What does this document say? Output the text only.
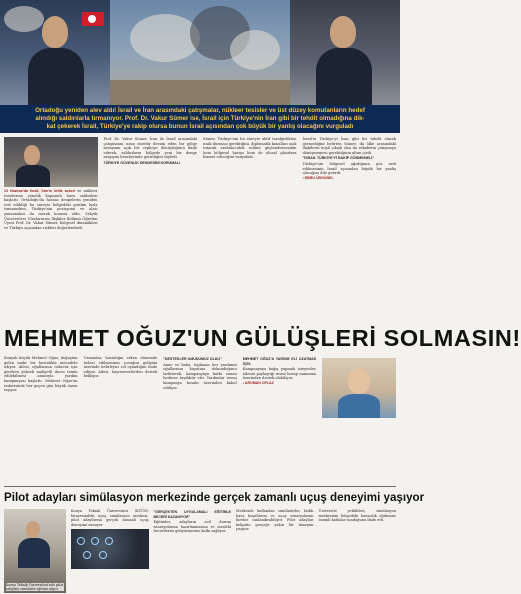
Ortadoğu yeniden alev aldı! İsrail ve İran arasındaki çatışmalar, nükleer tesisler ve üst düzey komutanların hedef

alındığı saldırılarla tırmanıyor. Prof. Dr. Vakur Sümer ise, İsrail için Türkiye'nin İran gibi bir tehdit olmadığına dik-

kat çekerek İsrail, Türkiye'ye rakip olursa bunun İsrail açısından çok büyük bir yanlış olacağını vurguladı

13 Haziran'da İsrail, İran'ın kritik askeri ve nükleer tesislerine yönelik kapsamlı hava saldırıları başlattı. Ortadoğu'da hassas dengelerin yeniden test edildiği bu süreçte bölgedeki gerilim hızla tırmanırken, Türkiye'nin pozisyonu ve olası yansımaları da merak konusu oldu. Selçuk Üniversitesi Uluslararası İlişkiler Bölümü Öğretim Üyesi Prof. Dr. Vakur Sümer, bölgesel dinamikleri ve Türkiye açısından riskleri değerlendirdi.

Prof. Dr. Vakur Sümer, İran ile İsrail arasındaki çatışmanın uzun süredir devam eden bir gölge savaşının açık bir cepheye dönüştüğünü ifade ederek, saldırıların bölgede yeni bir denge arayışını beraberinde getirdiğini söyledi.

TÜRKİYE GÜVENLİK DENGESİNİ KORUMALI

Sümer, Türkiye'nin bu süreçte aktif tarafgirlikten uzak durması gerektiğini, diplomatik kanalları açık tutarak arabuluculuk rolünü güçlendirmesinin hem bölgesel barışa hem de ulusal çıkarlara hizmet edeceğini vurguladı.

İsrail'in Türkiye'yi İran gibi bir tehdit olarak görmediğini belirten Sümer, iki ülke arasındaki ilişkilerin inişli çıkışlı olsa da rekabetin çatışmaya dönüşmemesi gerektiğinin altını çizdi.

"İSRAİL TÜRKİYE'Yİ RAKİP GÖRMEMELİ"

Türkiye'nin bölgesel ağırlığının göz ardı edilmesinin İsrail açısından büyük bir yanlış olacağını dile getirdi.

• EBRU ÜRGÜNEL

MEHMET OĞUZ'UN GÜLÜŞLERİ SOLMASIN!

Konyalı küçük Mehmet Oğuz, doğuştan gelen nadir bir hastalıkla mücadele ediyor. Ailesi, oğullarının tedavisi için gereken yüksek maliyetli ilacın temin edilebilmesi amacıyla yardım kampanyası başlattı. Mehmet Oğuz'un tedavisinde her geçen gün büyük önem taşıyor.

Uzmanlar, hastalığın erken dönemde tedavi edilmesinin çocuğun gelişimi üzerinde belirleyici rol oynadığını ifade ediyor. Ailesi, hayırseverlerden destek bekliyor.

"DESTEKLER UMUDUMUZ OLDU"

Anne ve baba, toplanan her yardımın oğullarının hayatına dokunduğunu belirterek, kampanyaya katkı sunan herkese teşekkür etti. Yardımlar resmi kampanya hesabı üzerinden kabul ediliyor.

MEHMET OĞUZ'A YARDIM ELİ UZATMAK İÇİN:

Kampanyaya bağış yapmak isteyenler, ailenin paylaştığı resmi hesap numarası üzerinden destek olabiliyor.

• ARUMAN OFLAZ

Pilot adayları simülasyon merkezinde gerçek zamanlı uçuş deneyimi yaşıyor
Konya Teknik Üniversitesi'nde pilot adayları simülatör eğitimi alıyor.

Konya Teknik Üniversitesi (KTÜN) bünyesindeki uçuş simülasyon merkezi, pilot adaylarına gerçek zamanlı uçuş deneyimi sunuyor.

"GERÇEKTEN UYGULAMALI EĞİTİMLE BECERİ KAZANIYOR"

Eğitimler, adayların acil durum senaryolarına hazırlanmasına ve mesleki becerilerini geliştirmesine katkı sağlıyor.

Merkezde kullanılan simülatörler, farklı hava koşullarını ve uçuş senaryolarını birebir canlandırabiliyor. Pilot adayları kokpitte gerçeğe yakın bir deneyim yaşıyor.

Üniversite yetkilileri, simülasyon merkezinin bölgedeki havacılık eğitimine önemli katkılar sunduğunu ifade etti.
